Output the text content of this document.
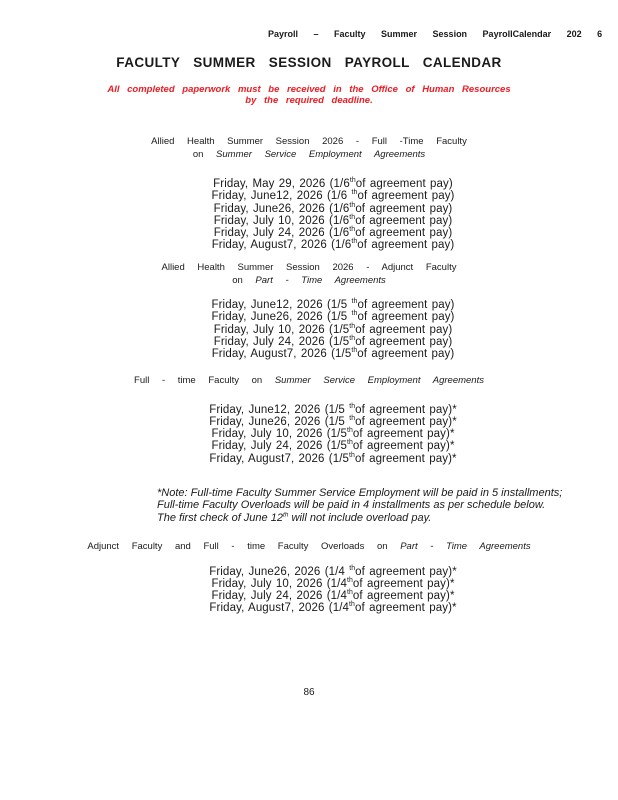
Payroll – Faculty Summer Session PayrollCalendar 202 6
FACULTY SUMMER SESSION PAYROLL CALENDAR
All completed paperwork must be received in the Office of Human Resources
by the required deadline.
Allied Health Summer Session 2026 - Full -Time Faculty
on Summer Service Employment Agreements
Friday, May 29, 2026 (1/6thof agreement pay)
Friday, June12, 2026 (1/6 $^{th}$of agreement pay)
Friday, June26, 2026 (1/6thof agreement pay)
Friday, July 10, 2026 (1/6thof agreement pay)
Friday, July 24, 2026 (1/6thof agreement pay)
Friday, August7, 2026 (1/6thof agreement pay)
Allied Health Summer Session 2026 - Adjunct Faculty
on Part - Time Agreements
Friday, June12, 2026 (1/5 $^{th}$of agreement pay)
Friday, June26, 2026 (1/5 $^{th}$of agreement pay)
Friday, July 10, 2026 (1/5thof agreement pay)
Friday, July 24, 2026 (1/5thof agreement pay)
Friday, August7, 2026 (1/5thof agreement pay)
Full - time Faculty on Summer Service Employment Agreements
Friday, June12, 2026 (1/5 $^{th}$of agreement pay)*
Friday, June26, 2026 (1/5 $^{th}$of agreement pay)*
Friday, July 10, 2026 (1/5thof agreement pay)*
Friday, July 24, 2026 (1/5thof agreement pay)*
Friday, August7, 2026 (1/5thof agreement pay)*
*Note: Full-time Faculty Summer Service Employment will be paid in 5 installments;
Full-time Faculty Overloads will be paid in 4 installments as per schedule below.
The first check of June 12th will not include overload pay.
Adjunct Faculty and Full - time Faculty Overloads on Part - Time Agreements
Friday, June26, 2026 (1/4 $^{th}$of agreement pay)*
Friday, July 10, 2026 (1/4thof agreement pay)*
Friday, July 24, 2026 (1/4thof agreement pay)*
Friday, August7, 2026 (1/4thof agreement pay)*
86
